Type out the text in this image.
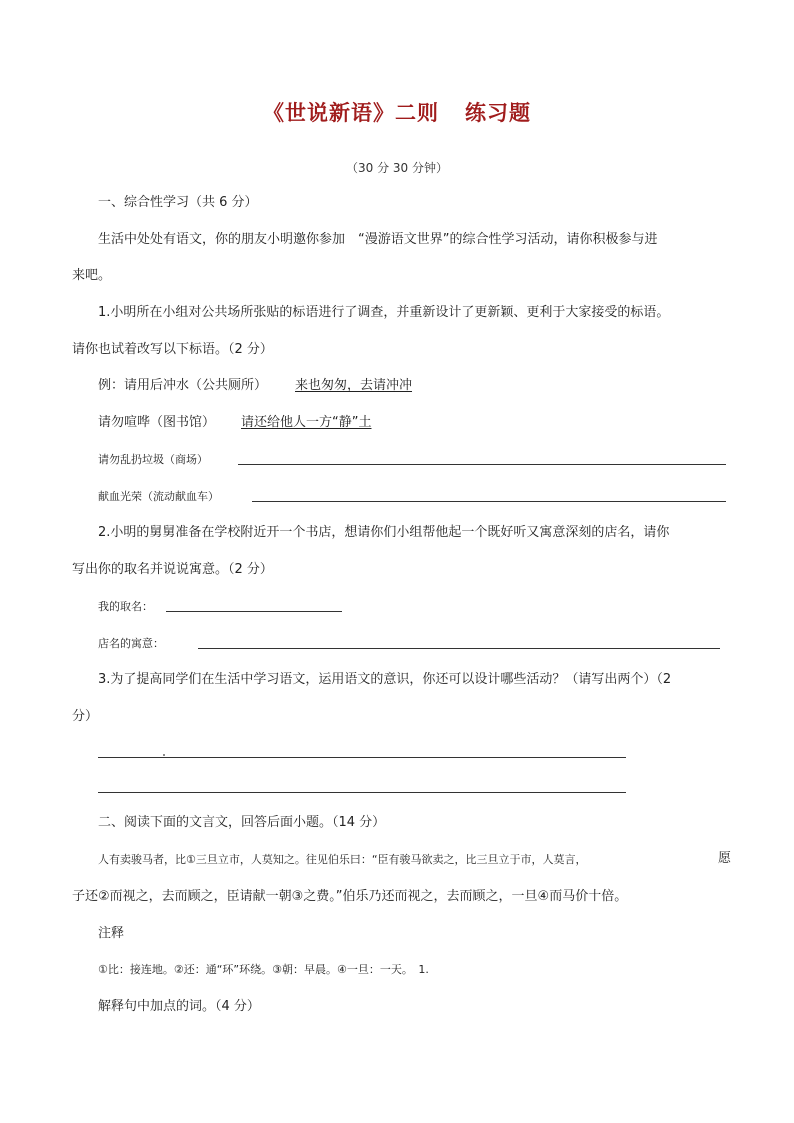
《世说新语》二则 练习题
（30 分 30 分钟）
一、综合性学习（共 6 分）
生活中处处有语文，你的朋友小明邀你参加　“漫游语文世界”的综合性学习活动，请你积极参与进
来吧。
1.小明所在小组对公共场所张贴的标语进行了调查，并重新设计了更新颖、更利于大家接受的标语。
请你也试着改写以下标语。（2 分）
例：请用后冲水（公共厕所） 来也匆匆，去请冲冲
请勿喧哗（图书馆） 请还给他人一方“静”土
请勿乱扔垃圾（商场）
献血光荣（流动献血车）
2.小明的舅舅准备在学校附近开一个书店，想请你们小组帮他起一个既好听又寓意深刻的店名，请你
写出你的取名并说说寓意。（2 分）
我的取名：
店名的寓意：
3.为了提高同学们在生活中学习语文，运用语文的意识，你还可以设计哪些活动？（请写出两个）（2
分）
二、阅读下面的文言文，回答后面小题。（14 分）
人有卖骏马者，比①三旦立市，人莫知之。往见伯乐曰：“臣有骏马欲卖之，比三旦立于市，人莫言，	愿
子还②而视之，去而顾之，臣请献一朝③之费。”伯乐乃还而视之，去而顾之，一旦④而马价十倍。
注释
①比：接连地。②还：通“环”环绕。③朝：早晨。④一旦：一天。　1.
解释句中加点的词。（4 分）
